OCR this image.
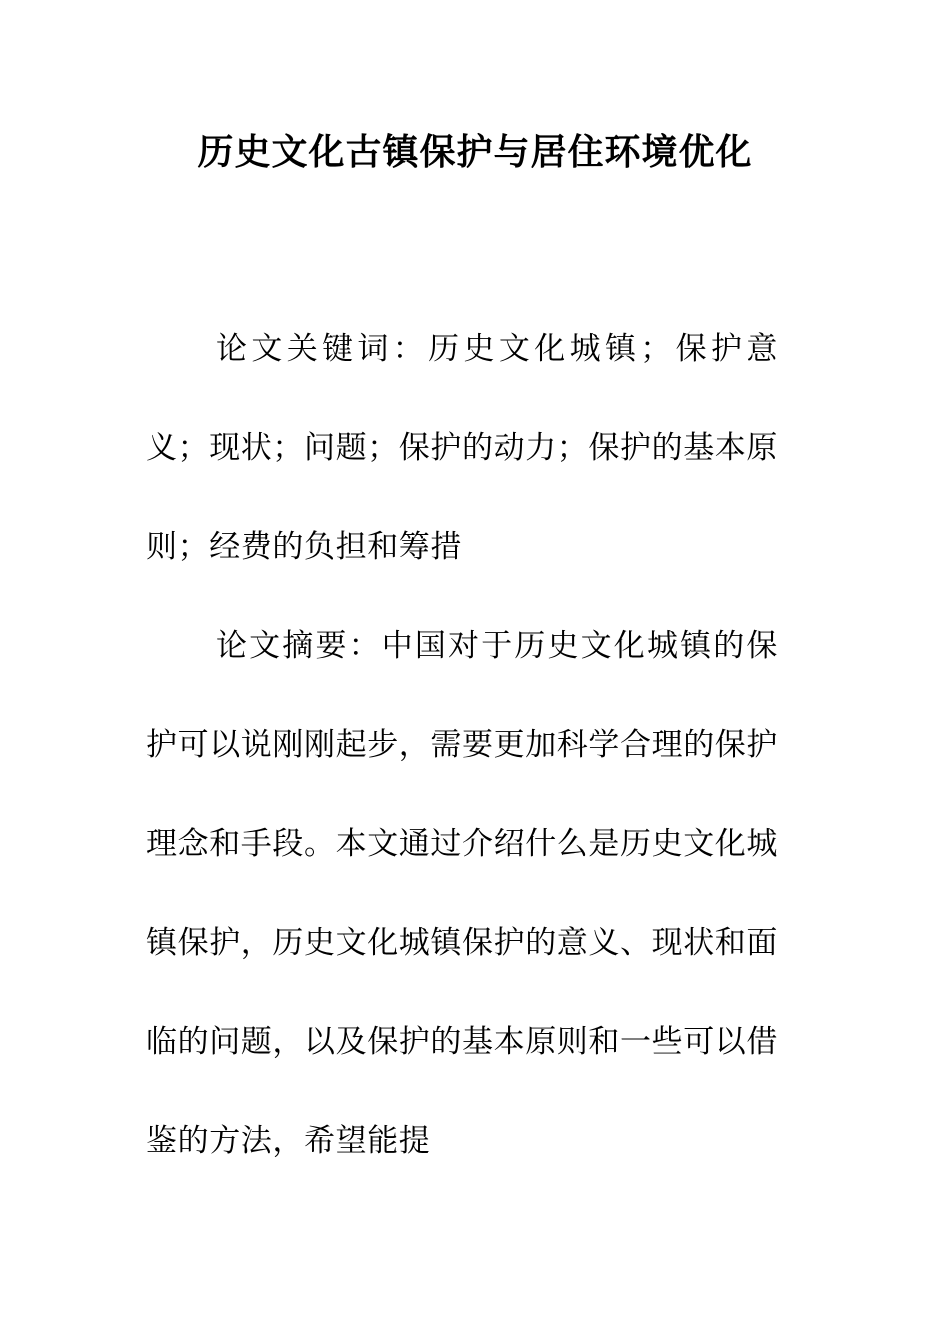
历史文化古镇保护与居住环境优化

论文关键词：历史文化城镇；保护意义；现状；问题；保护的动力；保护的基本原则；经费的负担和筹措

论文摘要：中国对于历史文化城镇的保护可以说刚刚起步，需要更加科学合理的保护理念和手段。本文通过介绍什么是历史文化城镇保护，历史文化城镇保护的意义、现状和面临的问题，以及保护的基本原则和一些可以借鉴的方法，希望能提
